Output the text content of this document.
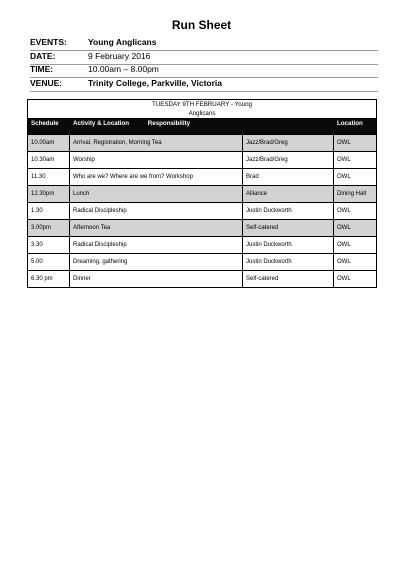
Run Sheet
EVENTS: Young Anglicans
DATE:	9 February 2016
TIME:	10.00am – 8.00pm
VENUE:	Trinity College, Parkville, Victoria
TUESDAY 9TH FEBRUARY - Young
Anglicans
Schedule	Activity & Location	Responsibility	Location
10.00am	Arrival, Registration, Morning Tea	Jazz/Brad/Greg	OWL
10.30am	Worship	Jazz/Brad/Greg	OWL
11.30	Who are we? Where are we from? Workshop	Brad	OWL
12.30pm	Lunch	Alliance	Dining Hall
1.30	Radical Discipleship	Justin Duckworth	OWL
3.00pm	Afternoon Tea	Self-catered	OWL
3.30	Radical Discipleship	Justin Duckworth	OWL
5.00	Dreaming, gathering	Justin Duckworth	OWL
6.30 pm	Dinner	Self-catered	OWL
